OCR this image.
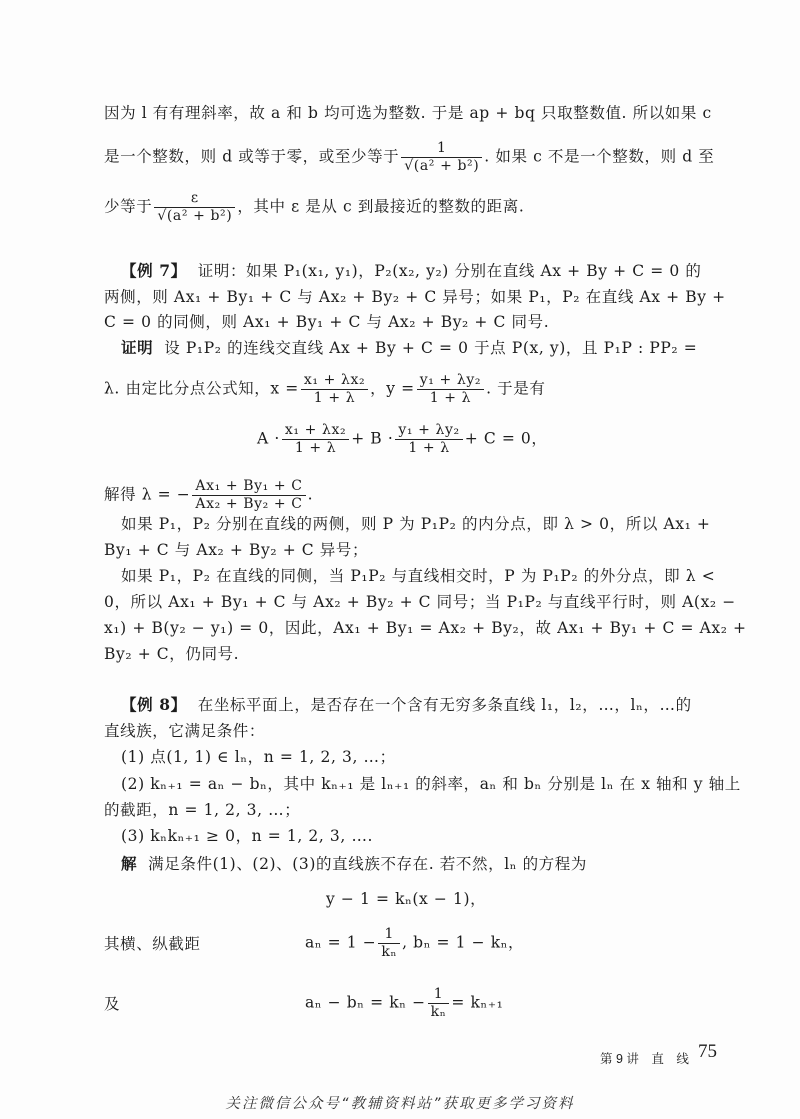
因为 l 有有理斜率，故 a 和 b 均可选为整数. 于是 ap + bq 只取整数值. 所以如果 c
是一个整数，则 d 或等于零，或至少等于 $\frac{1}{\text{√(a² + b²)}}$ . 如果 c 不是一个整数，则 d 至
少等于 $\frac{\varepsilon}{\text{√(a² + b²)}}$ ，其中 ε 是从 c 到最接近的整数的距离.
【例 7】 证明：如果 P₁(x₁, y₁)，P₂(x₂, y₂) 分别在直线 Ax + By + C = 0 的
两侧，则 Ax₁ + By₁ + C 与 Ax₂ + By₂ + C 异号；如果 P₁，P₂ 在直线 Ax + By +
C = 0 的同侧，则 Ax₁ + By₁ + C 与 Ax₂ + By₂ + C 同号.
证明 设 P₁P₂ 的连线交直线 Ax + By + C = 0 于点 P(x, y)，且 P₁P : PP₂ =
λ. 由定比分点公式知，$x = \frac{\text{x₁ + λx₂}}{1 + \lambda}$ ，$y = \frac{\text{y₁ + λy₂}}{1 + \lambda}$ . 于是有
$A \cdot \frac{\text{x₁ + λx₂}}{1 + \lambda} + B \cdot \frac{\text{y₁ + λy₂}}{1 + \lambda} + C = 0$，
解得 λ = − $\frac{\text{Ax₁ + By₁ + C}}{\text{Ax₂ + By₂ + C}}$ .
如果 P₁，P₂ 分别在直线的两侧，则 P 为 P₁P₂ 的内分点，即 λ > 0，所以 Ax₁ +
By₁ + C 与 Ax₂ + By₂ + C 异号；
如果 P₁，P₂ 在直线的同侧，当 P₁P₂ 与直线相交时，P 为 P₁P₂ 的外分点，即 λ <
0，所以 Ax₁ + By₁ + C 与 Ax₂ + By₂ + C 同号；当 P₁P₂ 与直线平行时，则 A(x₂ −
x₁) + B(y₂ − y₁) = 0，因此，Ax₁ + By₁ = Ax₂ + By₂，故 Ax₁ + By₁ + C = Ax₂ +
By₂ + C，仍同号.
【例 8】 在坐标平面上，是否存在一个含有无穷多条直线 l₁，l₂，…，lₙ，…的
直线族，它满足条件：
(1) 点(1, 1) ∈ lₙ，n = 1, 2, 3, …；
(2) kₙ₊₁ = aₙ − bₙ，其中 kₙ₊₁ 是 lₙ₊₁ 的斜率，aₙ 和 bₙ 分别是 lₙ 在 x 轴和 y 轴上
的截距，n = 1, 2, 3, …；
(3) kₙkₙ₊₁ ≥ 0，n = 1, 2, 3, ….
解 满足条件(1)、(2)、(3)的直线族不存在. 若不然，lₙ 的方程为
y − 1 = kₙ(x − 1)，
其横、纵截距	$a_n = 1 - \frac{1}{\text{kₙ}}$ , bₙ = 1 − kₙ，
及	$a_n - b_n = k_n - \frac{1}{\text{kₙ}} = k_{n+1}$
第 9 讲　直　线 75
关注微信公众号“教辅资料站”获取更多学习资料
